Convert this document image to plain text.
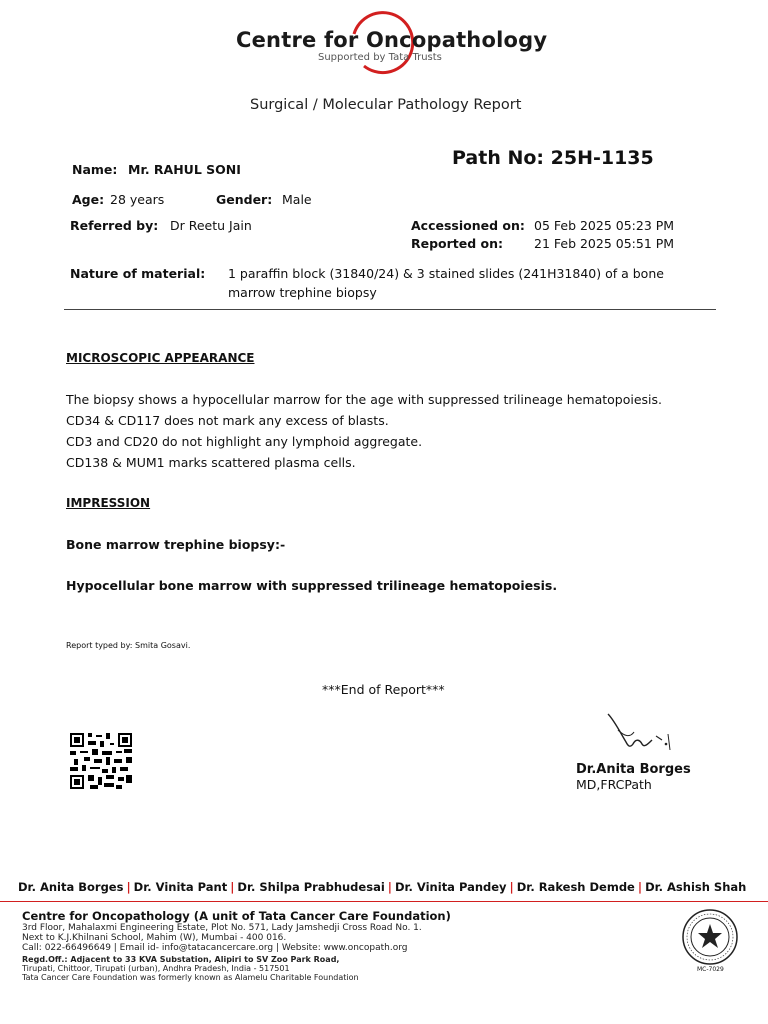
Centre for Oncopathology
Supported by Tata Trusts
Surgical / Molecular Pathology Report
Path No: 25H-1135
Name: Mr. RAHUL SONI
Age: 28 years	Gender: Male
Referred by: Dr Reetu Jain	Accessioned on: 05 Feb 2025 05:23 PM
Reported on: 21 Feb 2025 05:51 PM
Nature of material: 1 paraffin block (31840/24) & 3 stained slides (241H31840) of a bone
marrow trephine biopsy
MICROSCOPIC APPEARANCE
The biopsy shows a hypocellular marrow for the age with suppressed trilineage hematopoiesis.
CD34 & CD117 does not mark any excess of blasts.
CD3 and CD20 do not highlight any lymphoid aggregate.
CD138 & MUM1 marks scattered plasma cells.
IMPRESSION
Bone marrow trephine biopsy:-
Hypocellular bone marrow with suppressed trilineage hematopoiesis.
Report typed by: Smita Gosavi.
***End of Report***
Dr.Anita Borges
MD,FRCPath
Dr. Anita Borges | Dr. Vinita Pant | Dr. Shilpa Prabhudesai | Dr. Vinita Pandey | Dr. Rakesh Demde | Dr. Ashish Shah
Centre for Oncopathology (A unit of Tata Cancer Care Foundation)
3rd Floor, Mahalaxmi Engineering Estate, Plot No. 571, Lady Jamshedji Cross Road No. 1.
Next to K.J.Khilnani School, Mahim (W), Mumbai - 400 016.
Call: 022-66496649 | Email id- info@tatacancercare.org | Website: www.oncopath.org
Regd.Off.: Adjacent to 33 KVA Substation, Alipiri to SV Zoo Park Road,
Tirupati, Chittoor, Tirupati (urban), Andhra Pradesh, India - 517501
Tata Cancer Care Foundation was formerly known as Alamelu Charitable Foundation
MC-7029
